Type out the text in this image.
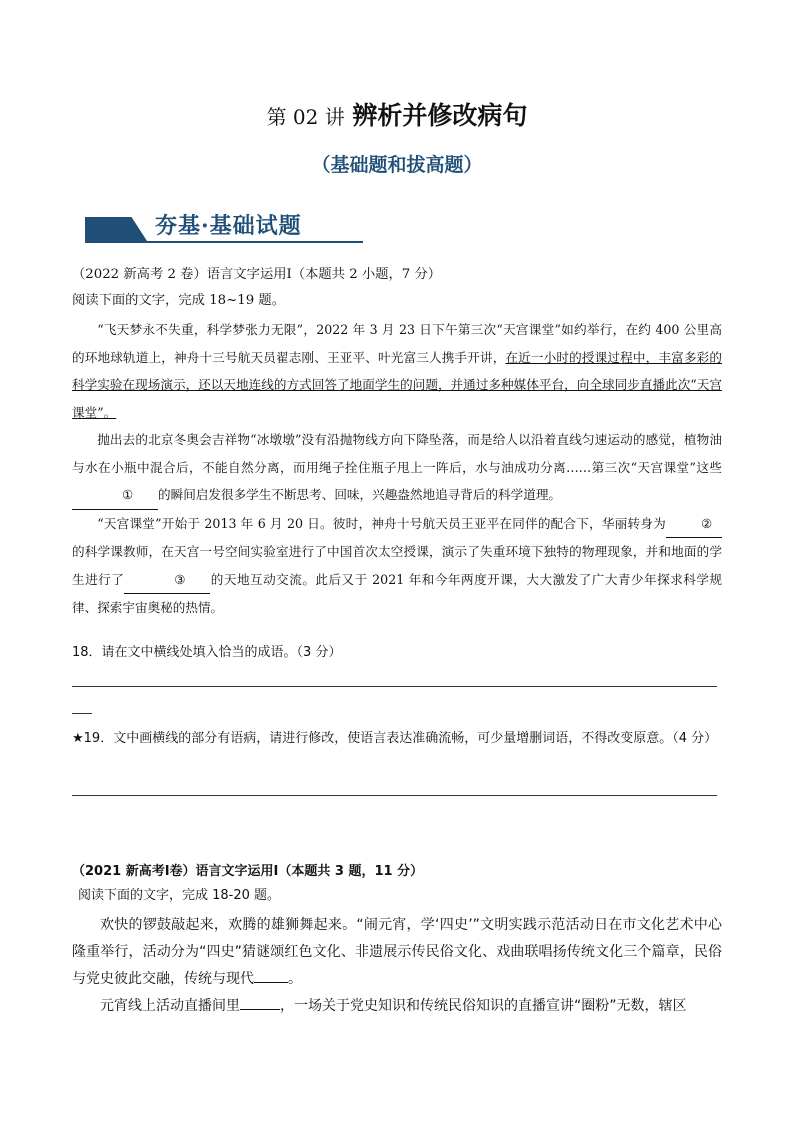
第 02 讲 辨析并修改病句
（基础题和拔高题）
夯基·基础试题

（2022 新高考 2 卷）语言文字运用Ⅰ（本题共 2 小题，7 分）

阅读下面的文字，完成 18~19 题。

“飞天梦永不失重，科学梦张力无限”，2022 年 3 月 23 日下午第三次“天宫课堂”如约举行，在约 400 公里高的环地球轨道上，神舟十三号航天员翟志刚、王亚平、叶光富三人携手开讲，在近一小时的授课过程中，丰富多彩的科学实验在现场演示，还以天地连线的方式回答了地面学生的问题，并通过多种媒体平台，向全球同步直播此次“天宫课堂”。

抛出去的北京冬奥会吉祥物“冰墩墩”没有沿抛物线方向下降坠落，而是给人以沿着直线匀速运动的感觉，植物油与水在小瓶中混合后，不能自然分离，而用绳子拴住瓶子甩上一阵后，水与油成功分离……第三次“天宫课堂”这些① 的瞬间启发很多学生不断思考、回味，兴趣盎然地追寻背后的科学道理。

“天宫课堂”开始于 2013 年 6 月 20 日。彼时，神舟十号航天员王亚平在同伴的配合下，华丽转身为	②的科学课教师，在天宫一号空间实验室进行了中国首次太空授课，演示了失重环境下独特的物理现象，并和地面的学生进行了	③ 的天地互动交流。此后又于 2021 年和今年两度开课，大大激发了广大青少年探求科学规律、探索宇宙奥秘的热情。

18．请在文中横线处填入恰当的成语。（3 分）
★19．文中画横线的部分有语病，请进行修改，使语言表达准确流畅，可少量增删词语，不得改变原意。（4 分）

（2021 新高考Ⅰ卷）语言文字运用Ⅰ（本题共 3 题，11 分）

阅读下面的文字，完成 18-20 题。

欢快的锣鼓敲起来，欢腾的雄狮舞起来。“闹元宵，学‘四史’”文明实践示范活动日在市文化艺术中心隆重举行，活动分为“四史”猜谜颂红色文化、非遗展示传民俗文化、戏曲联唱扬传统文化三个篇章，民俗与党史彼此交融，传统与现代 。

元宵线上活动直播间里	，一场关于党史知识和传统民俗知识的直播宣讲“圈粉”无数，辖区
